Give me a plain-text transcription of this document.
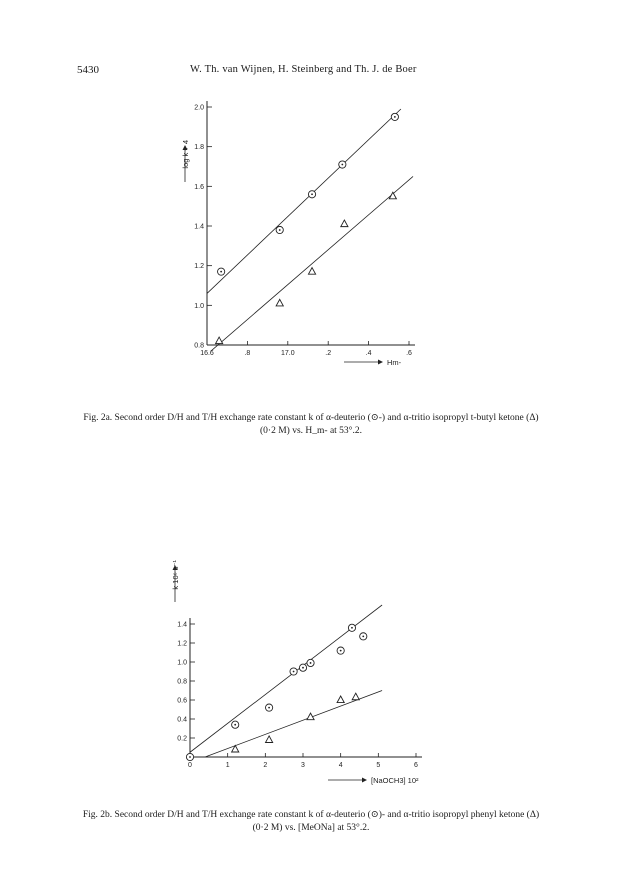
5430	W. Th. van Wijnen, H. Steinberg and Th. J. de Boer
0.8
1.0
1.2
1.4
1.6
1.8
2.0
16.6	.8	17.0	.2	.4	.6
Hm-
log k + 4
Fig. 2a. Second order D/H and T/H exchange rate constant k of α-deuterio (⊙-) and α-tritio isopropyl t-butyl ketone (Δ) (0·2 M) vs. H_m- at 53°.2.
0.2
0.4
0.6
0.8
1.0
1.2
1.4
0	1	2	3	4	5	6
[NaOCH3] 10²
k 10⁶ s⁻¹
Fig. 2b. Second order D/H and T/H exchange rate constant k of α-deuterio (⊙)- and α-tritio isopropyl phenyl ketone (Δ) (0·2 M) vs. [MeONa] at 53°.2.
